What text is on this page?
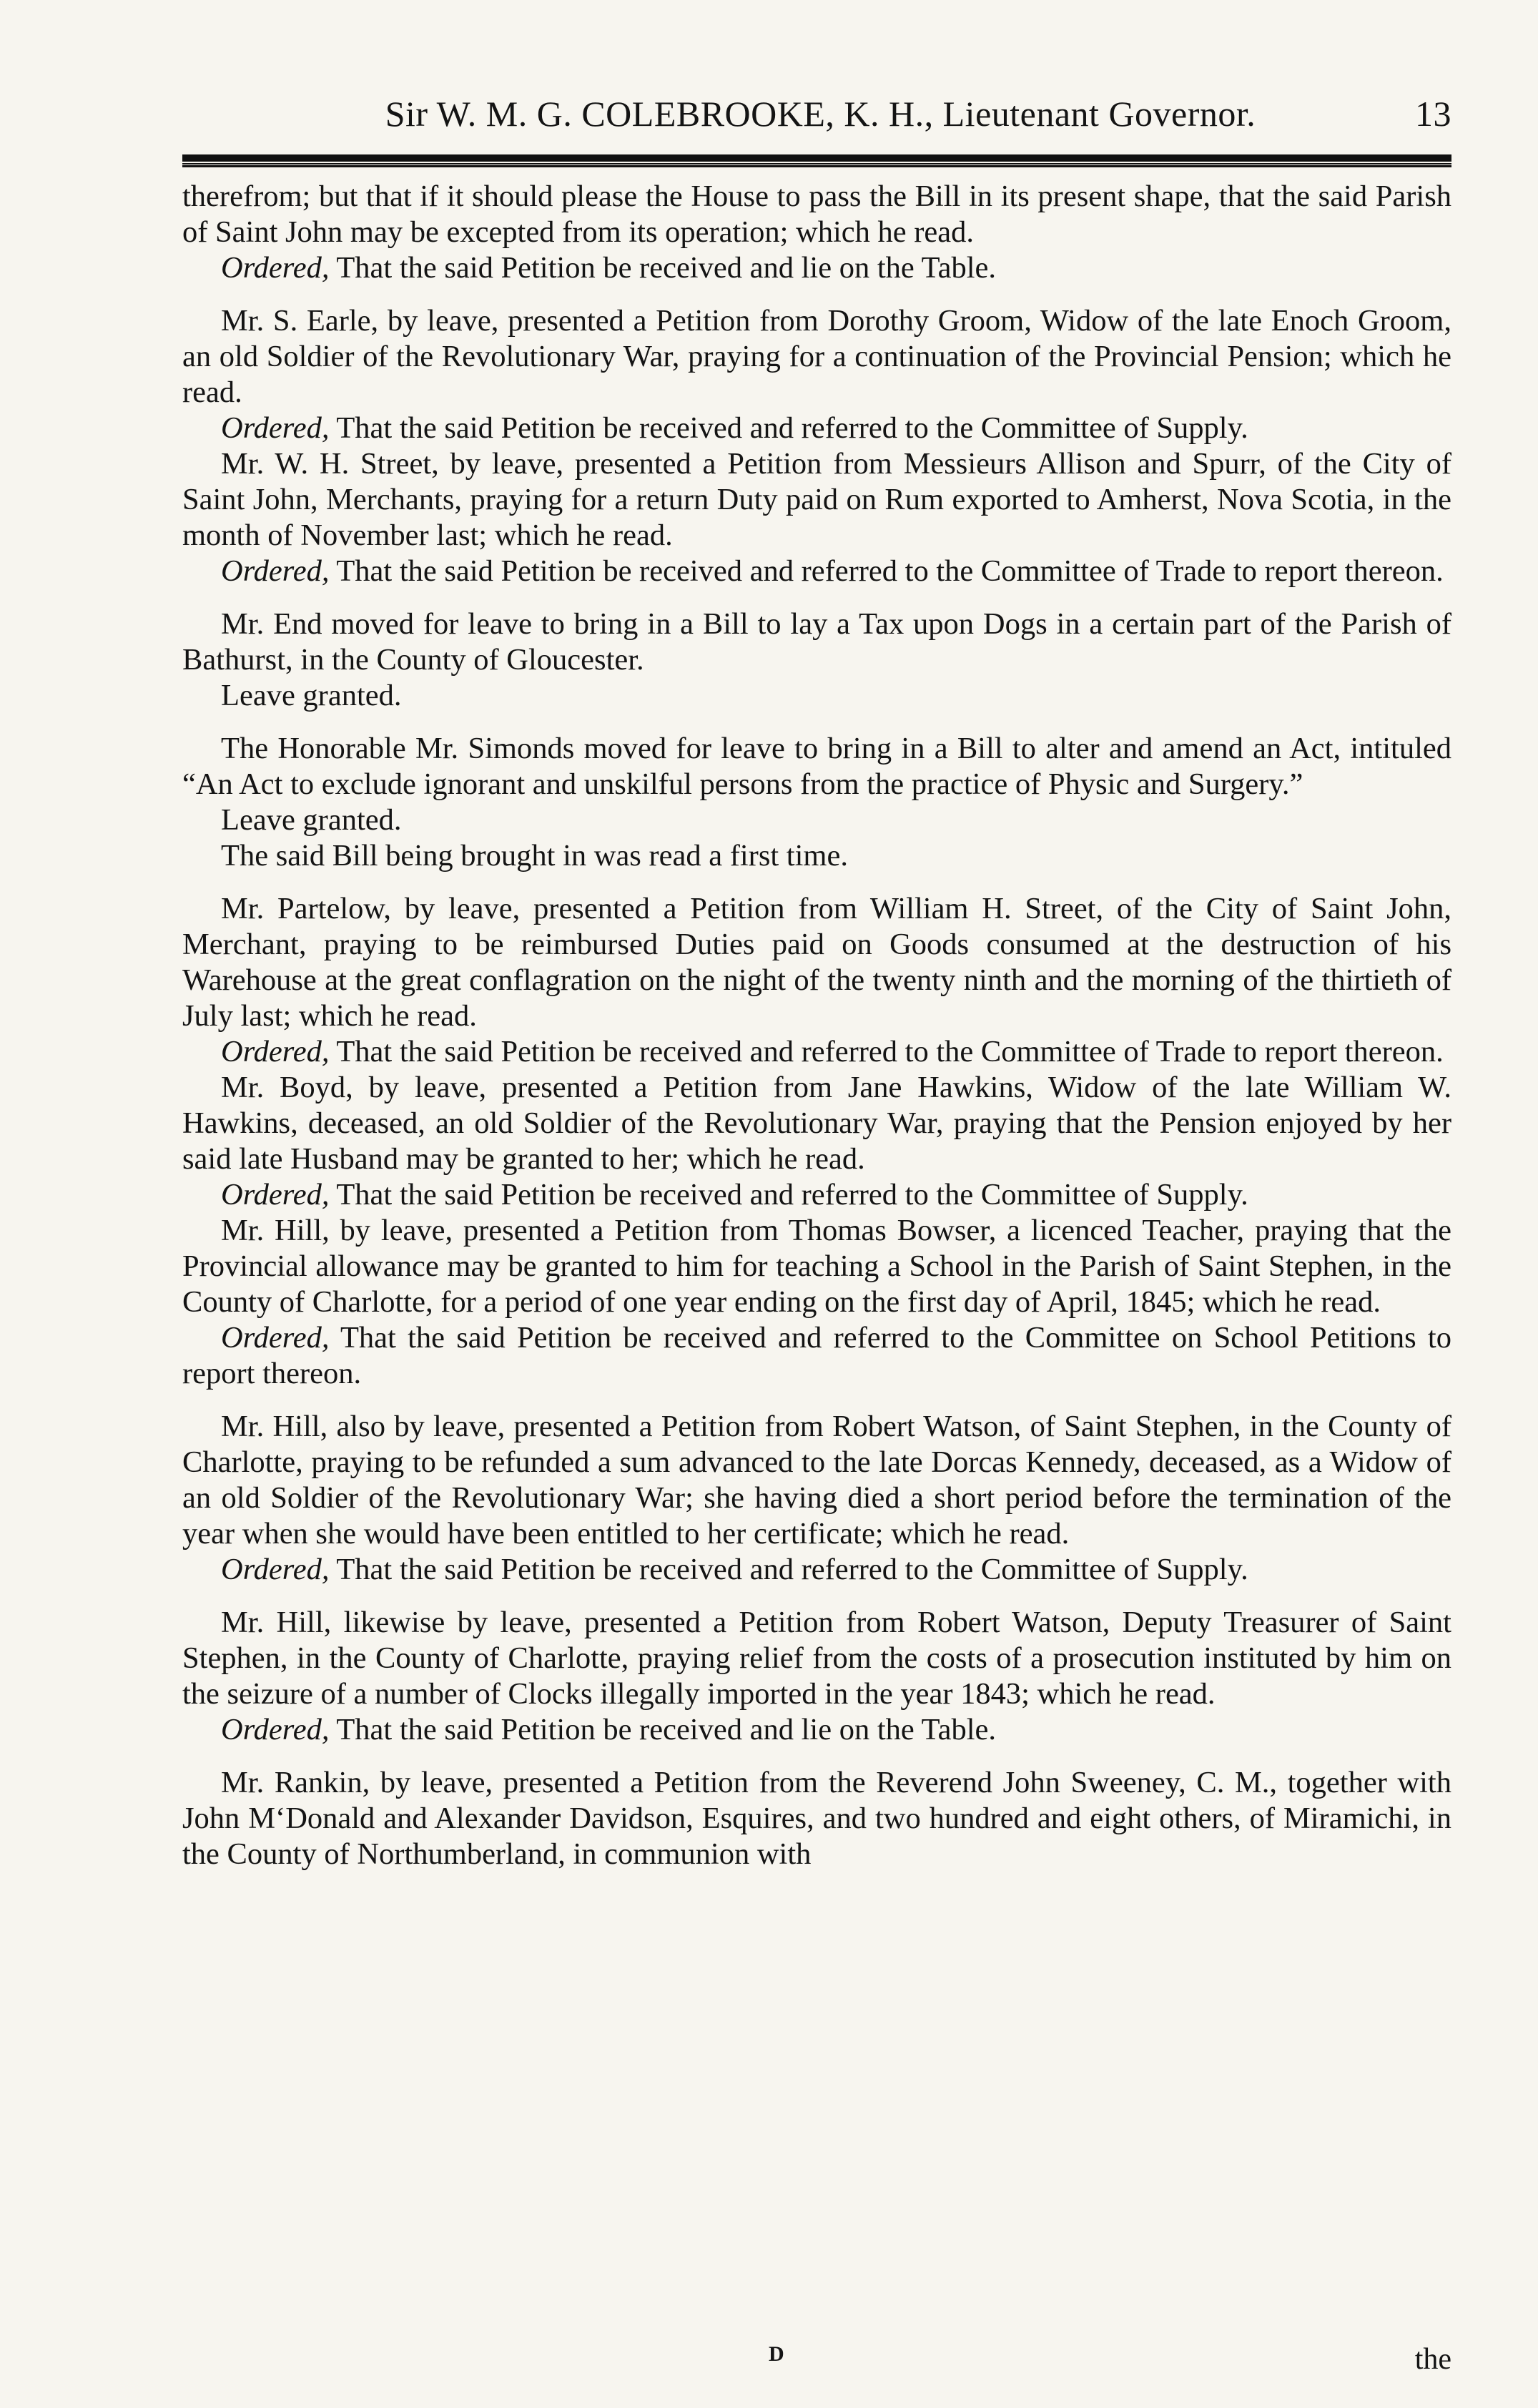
Sir W. M. G. COLEBROOKE, K. H., Lieutenant Governor.	13

therefrom; but that if it should please the House to pass the Bill in its present shape, that the said Parish of Saint John may be excepted from its operation; which he read.

Ordered, That the said Petition be received and lie on the Table.

Mr. S. Earle, by leave, presented a Petition from Dorothy Groom, Widow of the late Enoch Groom, an old Soldier of the Revolutionary War, praying for a continuation of the Provincial Pension; which he read.

Ordered, That the said Petition be received and referred to the Committee of Supply.

Mr. W. H. Street, by leave, presented a Petition from Messieurs Allison and Spurr, of the City of Saint John, Merchants, praying for a return Duty paid on Rum exported to Amherst, Nova Scotia, in the month of November last; which he read.

Ordered, That the said Petition be received and referred to the Committee of Trade to report thereon.

Mr. End moved for leave to bring in a Bill to lay a Tax upon Dogs in a certain part of the Parish of Bathurst, in the County of Gloucester.

Leave granted.

The Honorable Mr. Simonds moved for leave to bring in a Bill to alter and amend an Act, intituled “An Act to exclude ignorant and unskilful persons from the practice of Physic and Surgery.”

Leave granted.

The said Bill being brought in was read a first time.

Mr. Partelow, by leave, presented a Petition from William H. Street, of the City of Saint John, Merchant, praying to be reimbursed Duties paid on Goods consumed at the destruction of his Warehouse at the great conflagration on the night of the twenty ninth and the morning of the thirtieth of July last; which he read.

Ordered, That the said Petition be received and referred to the Committee of Trade to report thereon.

Mr. Boyd, by leave, presented a Petition from Jane Hawkins, Widow of the late William W. Hawkins, deceased, an old Soldier of the Revolutionary War, praying that the Pension enjoyed by her said late Husband may be granted to her; which he read.

Ordered, That the said Petition be received and referred to the Committee of Supply.

Mr. Hill, by leave, presented a Petition from Thomas Bowser, a licenced Teacher, praying that the Provincial allowance may be granted to him for teaching a School in the Parish of Saint Stephen, in the County of Charlotte, for a period of one year ending on the first day of April, 1845; which he read.

Ordered, That the said Petition be received and referred to the Committee on School Petitions to report thereon.

Mr. Hill, also by leave, presented a Petition from Robert Watson, of Saint Stephen, in the County of Charlotte, praying to be refunded a sum advanced to the late Dorcas Kennedy, deceased, as a Widow of an old Soldier of the Revolutionary War; she having died a short period before the termination of the year when she would have been entitled to her certificate; which he read.

Ordered, That the said Petition be received and referred to the Committee of Supply.

Mr. Hill, likewise by leave, presented a Petition from Robert Watson, Deputy Treasurer of Saint Stephen, in the County of Charlotte, praying relief from the costs of a prosecution instituted by him on the seizure of a number of Clocks illegally imported in the year 1843; which he read.

Ordered, That the said Petition be received and lie on the Table.

Mr. Rankin, by leave, presented a Petition from the Reverend John Sweeney, C. M., together with John M‘Donald and Alexander Davidson, Esquires, and two hundred and eight others, of Miramichi, in the County of Northumberland, in communion with

D	the
